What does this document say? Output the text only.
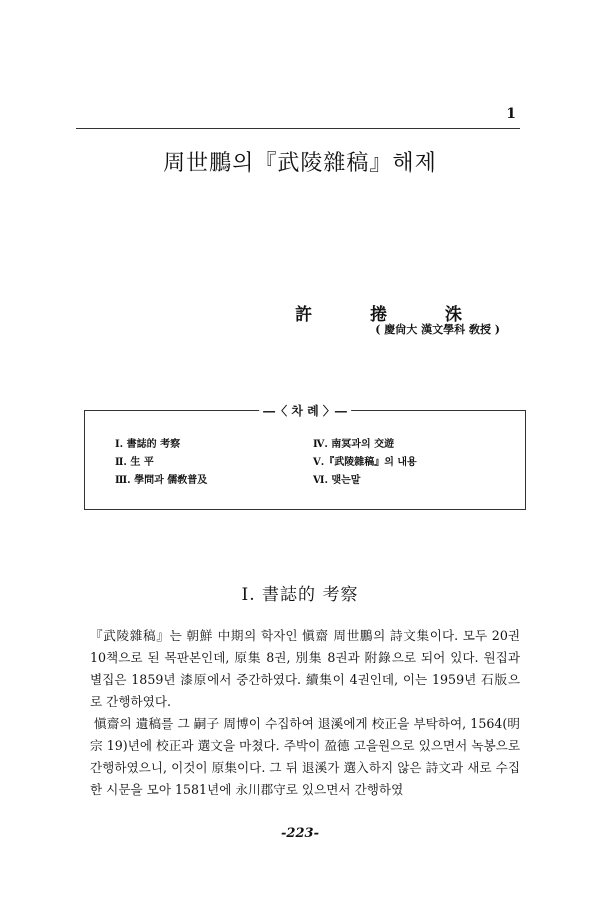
1
周世鵬의『武陵雜稿』해제
許 捲 洙
( 慶尙大 漢文學科 敎授 )
―〈 차 례 〉―
Ⅰ. 書誌的 考察
Ⅱ. 生 平
Ⅲ. 學問과 儒敎普及
Ⅳ. 南冥과의 交遊
Ⅴ.『武陵雜稿』의 내용
Ⅵ. 맺는말
Ⅰ. 書誌的 考察

『武陵雜稿』는 朝鮮 中期의 학자인 愼齋 周世鵬의 詩文集이다. 모두 20권 10책으로 된 목판본인데, 原集 8권, 別集 8권과 附錄으로 되어 있다. 원집과 별집은 1859년 漆原에서 중간하였다. 續集이 4권인데, 이는 1959년 石版으로 간행하였다.

愼齋의 遺稿를 그 嗣子 周博이 수집하여 退溪에게 校正을 부탁하여, 1564(明宗 19)년에 校正과 選文을 마쳤다. 주박이 盈德 고을원으로 있으면서 녹봉으로 간행하였으니, 이것이 原集이다. 그 뒤 退溪가 選入하지 않은 詩文과 새로 수집한 시문을 모아 1581년에 永川郡守로 있으면서 간행하였

-223-
